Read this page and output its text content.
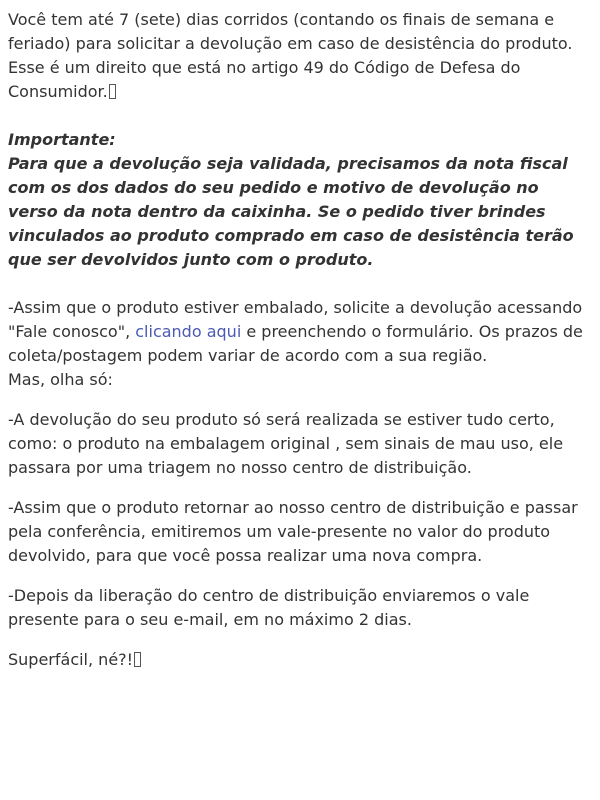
Você tem até 7 (sete) dias corridos (contando os finais de semana e feriado) para solicitar a devolução em caso de desistência do produto. Esse é um direito que está no artigo 49 do Código de Defesa do Consumidor.

Importante:
Para que a devolução seja validada, precisamos da nota fiscal com os dos dados do seu pedido e motivo de devolução no verso da nota dentro da caixinha. Se o pedido tiver brindes vinculados ao produto comprado em caso de desistência terão que ser devolvidos junto com o produto.

-Assim que o produto estiver embalado, solicite a devolução acessando "Fale conosco", clicando aqui e preenchendo o formulário. Os prazos de coleta/postagem podem variar de acordo com a sua região.

Mas, olha só:

-A devolução do seu produto só será realizada se estiver tudo certo, como: o produto na embalagem original , sem sinais de mau uso, ele passara por uma triagem no nosso centro de distribuição.

-Assim que o produto retornar ao nosso centro de distribuição e passar pela conferência, emitiremos um vale-presente no valor do produto devolvido, para que você possa realizar uma nova compra.

-Depois da liberação do centro de distribuição enviaremos o vale presente para o seu e-mail, em no máximo 2 dias.

Superfácil, né?!
